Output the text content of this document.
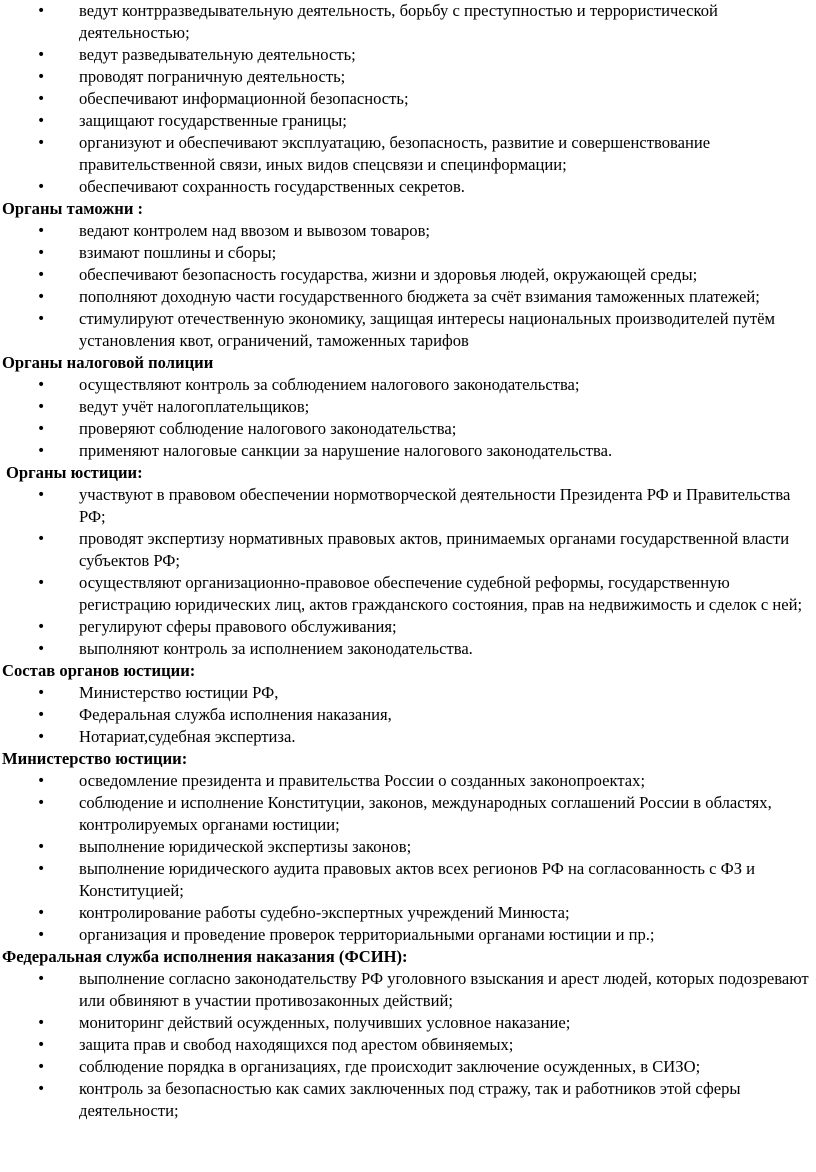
• ведут контрразведывательную деятельность, борьбу с преступностью и террористической деятельностью;
• ведут разведывательную деятельность;
• проводят пограничную деятельность;
• обеспечивают информационной безопасность;
• защищают государственные границы;
• организуют и обеспечивают эксплуатацию, безопасность, развитие и совершенствование правительственной связи, иных видов спецсвязи и специнформации;
• обеспечивают сохранность государственных секретов.
Органы таможни :
• ведают контролем над ввозом и вывозом товаров;
• взимают пошлины и сборы;
• обеспечивают безопасность государства, жизни и здоровья людей, окружающей среды;
• пополняют доходную части государственного бюджета за счёт взимания таможенных платежей;
• стимулируют отечественную экономику, защищая интересы национальных производителей путём установления квот, ограничений, таможенных тарифов
Органы налоговой полиции
• осуществляют контроль за соблюдением налогового законодательства;
• ведут учёт налогоплательщиков;
• проверяют соблюдение налогового законодательства;
• применяют налоговые санкции за нарушение налогового законодательства.
Органы юстиции:
• участвуют в правовом обеспечении нормотворческой деятельности Президента РФ и Правительства РФ;
• проводят экспертизу нормативных правовых актов, принимаемых органами государственной власти субъектов РФ;
• осуществляют организационно-правовое обеспечение судебной реформы, государственную регистрацию юридических лиц, актов гражданского состояния, прав на недвижимость и сделок с ней;
• регулируют сферы правового обслуживания;
• выполняют контроль за исполнением законодательства.
Состав органов юстиции:
• Министерство юстиции РФ,
• Федеральная служба исполнения наказания,
• Нотариат,судебная экспертиза.
Министерство юстиции:
• осведомление президента и правительства России о созданных законопроектах;
• соблюдение и исполнение Конституции, законов, международных соглашений России в областях, контролируемых органами юстиции;
• выполнение юридической экспертизы законов;
• выполнение юридического аудита правовых актов всех регионов РФ на согласованность с ФЗ и Конституцией;
• контролирование работы судебно-экспертных учреждений Минюста;
• организация и проведение проверок территориальными органами юстиции и пр.;
Федеральная служба исполнения наказания (ФСИН):
• выполнение согласно законодательству РФ уголовного взыскания и арест людей, которых подозревают или обвиняют в участии противозаконных действий;
• мониторинг действий осужденных, получивших условное наказание;
• защита прав и свобод находящихся под арестом обвиняемых;
• соблюдение порядка в организациях, где происходит заключение осужденных, в СИЗО;
• контроль за безопасностью как самих заключенных под стражу, так и работников этой сферы деятельности;
